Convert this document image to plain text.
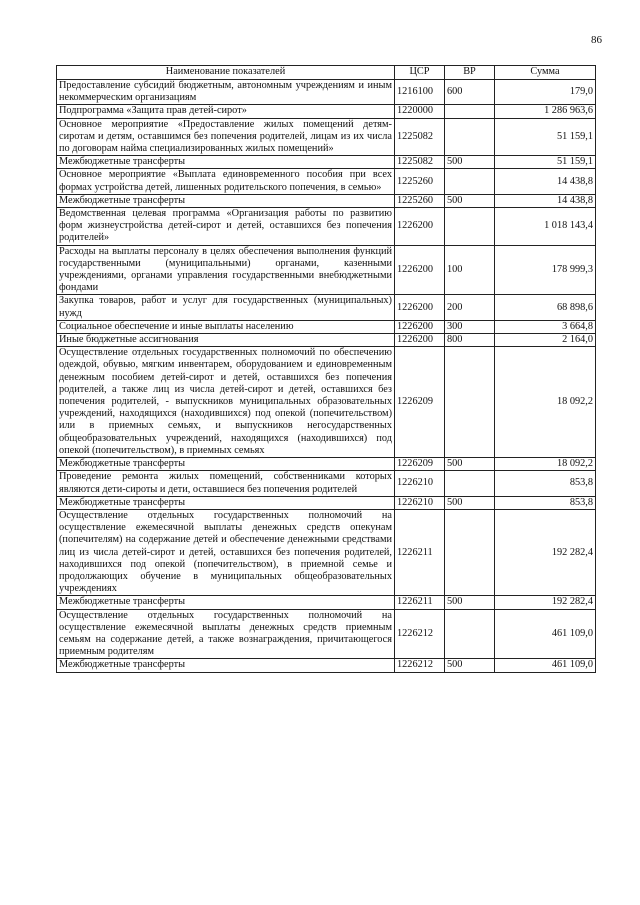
86
Наименование показателей	ЦСР	ВР	Сумма
Предоставление субсидий бюджетным, автономным учреждениям и иным некоммерческим организациям	1216100	600	179,0
Подпрограмма «Защита прав детей-сирот»	1220000		1 286 963,6
Основное мероприятие «Предоставление жилых помещений детям-сиротам и детям, оставшимся без попечения родителей, лицам из их числа по договорам найма специализированных жилых помещений»	1225082		51 159,1
Межбюджетные трансферты	1225082	500	51 159,1
Основное мероприятие «Выплата единовременного пособия при всех формах устройства детей, лишенных родительского попечения, в семью»	1225260		14 438,8
Межбюджетные трансферты	1225260	500	14 438,8
Ведомственная целевая программа «Организация работы по развитию форм жизнеустройства детей-сирот и детей, оставшихся без попечения родителей»	1226200		1 018 143,4
Расходы на выплаты персоналу в целях обеспечения выполнения функций государственными (муниципальными) органами, казенными учреждениями, органами управления государственными внебюджетными фондами	1226200	100	178 999,3
Закупка товаров, работ и услуг для государственных (муниципальных) нужд	1226200	200	68 898,6
Социальное обеспечение и иные выплаты населению	1226200	300	3 664,8
Иные бюджетные ассигнования	1226200	800	2 164,0
Осуществление отдельных государственных полномочий по обеспечению одеждой, обувью, мягким инвентарем, оборудованием и единовременным денежным пособием детей-сирот и детей, оставшихся без попечения родителей, а также лиц из числа детей-сирот и детей, оставшихся без попечения родителей, - выпускников муниципальных образовательных учреждений, находящихся (находившихся) под опекой (попечительством) или в приемных семьях, и выпускников негосударственных общеобразовательных учреждений, находящихся (находившихся) под опекой (попечительством), в приемных семьях	1226209		18 092,2
Межбюджетные трансферты	1226209	500	18 092,2
Проведение ремонта жилых помещений, собственниками которых являются дети-сироты и дети, оставшиеся без попечения родителей	1226210		853,8
Межбюджетные трансферты	1226210	500	853,8
Осуществление отдельных государственных полномочий на осуществление ежемесячной выплаты денежных средств опекунам (попечителям) на содержание детей и обеспечение денежными средствами лиц из числа детей-сирот и детей, оставшихся без попечения родителей, находившихся под опекой (попечительством), в приемной семье и продолжающих обучение в муниципальных общеобразовательных учреждениях	1226211		192 282,4
Межбюджетные трансферты	1226211	500	192 282,4
Осуществление отдельных государственных полномочий на осуществление ежемесячной выплаты денежных средств приемным семьям на содержание детей, а также вознаграждения, причитающегося приемным родителям	1226212		461 109,0
Межбюджетные трансферты	1226212	500	461 109,0
